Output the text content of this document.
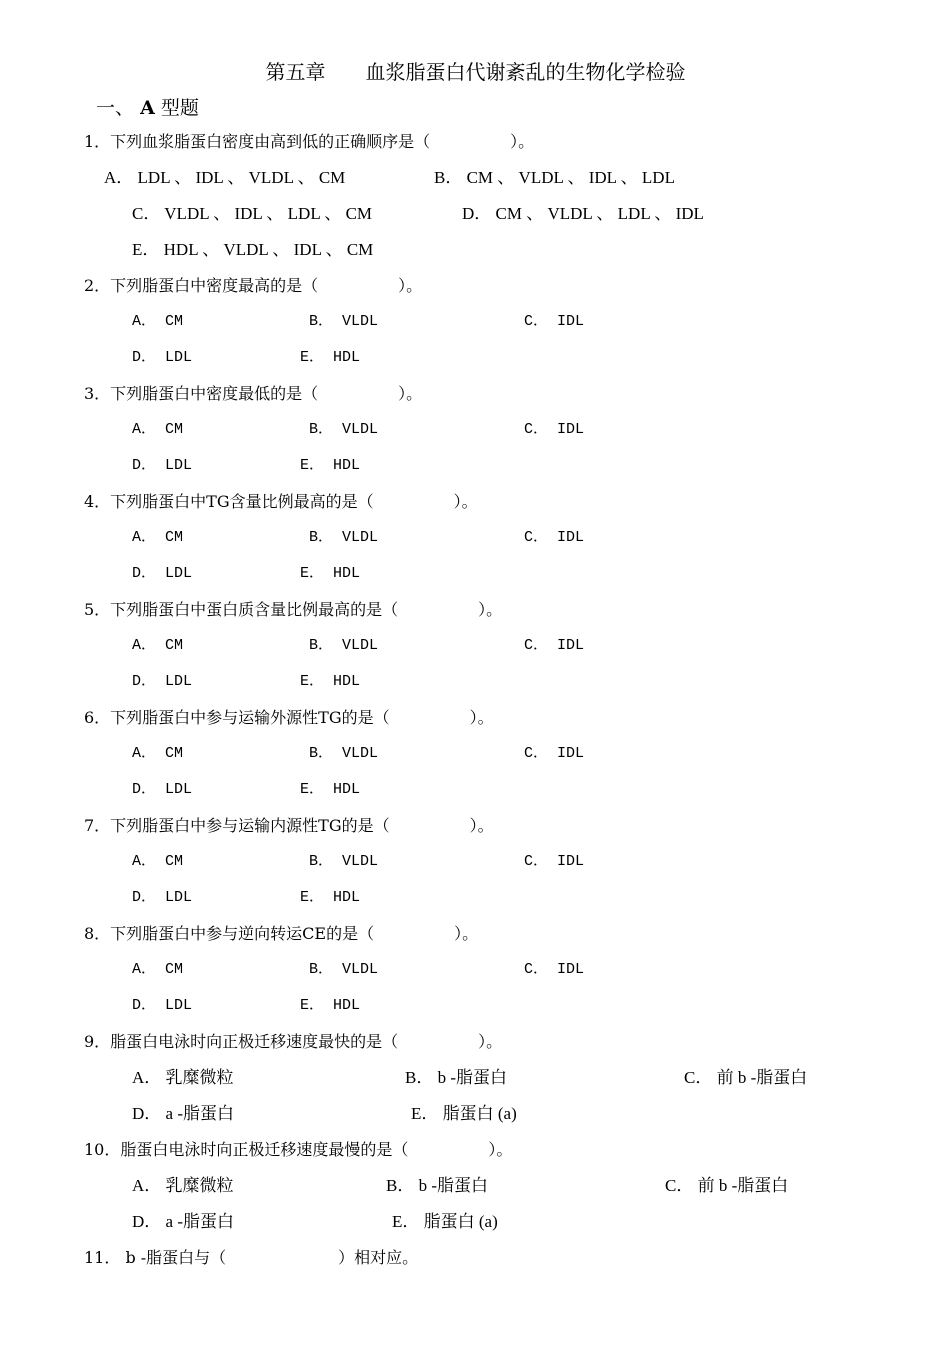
第五章　　血浆脂蛋白代谢紊乱的生物化学检验
一、 A 型题
1．下列血浆脂蛋白密度由高到低的正确顺序是（　　　　　）。
A． LDL 、 IDL 、 VLDL 、 CM	B． CM 、 VLDL 、 IDL 、 LDL
C． VLDL 、 IDL 、 LDL 、 CM	D． CM 、 VLDL 、 LDL 、 IDL
E． HDL 、 VLDL 、 IDL 、 CM
2．下列脂蛋白中密度最高的是（　　　　　）。
A． CM	B． VLDL	C． IDL
D． LDL	E． HDL
3．下列脂蛋白中密度最低的是（　　　　　）。
A． CM	B． VLDL	C． IDL
D． LDL	E． HDL
4．下列脂蛋白中TG含量比例最高的是（　　　　　）。
A． CM	B． VLDL	C． IDL
D． LDL	E． HDL
5．下列脂蛋白中蛋白质含量比例最高的是（　　　　　）。
A． CM	B． VLDL	C． IDL
D． LDL	E． HDL
6．下列脂蛋白中参与运输外源性TG的是（　　　　　）。
A． CM	B． VLDL	C． IDL
D． LDL	E． HDL
7．下列脂蛋白中参与运输内源性TG的是（　　　　　）。
A． CM	B． VLDL	C． IDL
D． LDL	E． HDL
8．下列脂蛋白中参与逆向转运CE的是（　　　　　）。
A． CM	B． VLDL	C． IDL
D． LDL	E． HDL
9．脂蛋白电泳时向正极迁移速度最快的是（　　　　　）。
A． 乳糜微粒	B． b -脂蛋白	C． 前 b -脂蛋白
D． a -脂蛋白	E． 脂蛋白 (a)
10．脂蛋白电泳时向正极迁移速度最慢的是（　　　　　）。
A． 乳糜微粒	B． b -脂蛋白	C． 前 b -脂蛋白
D． a -脂蛋白	E． 脂蛋白 (a)
11． b -脂蛋白与（　　　　　　　）相对应。
